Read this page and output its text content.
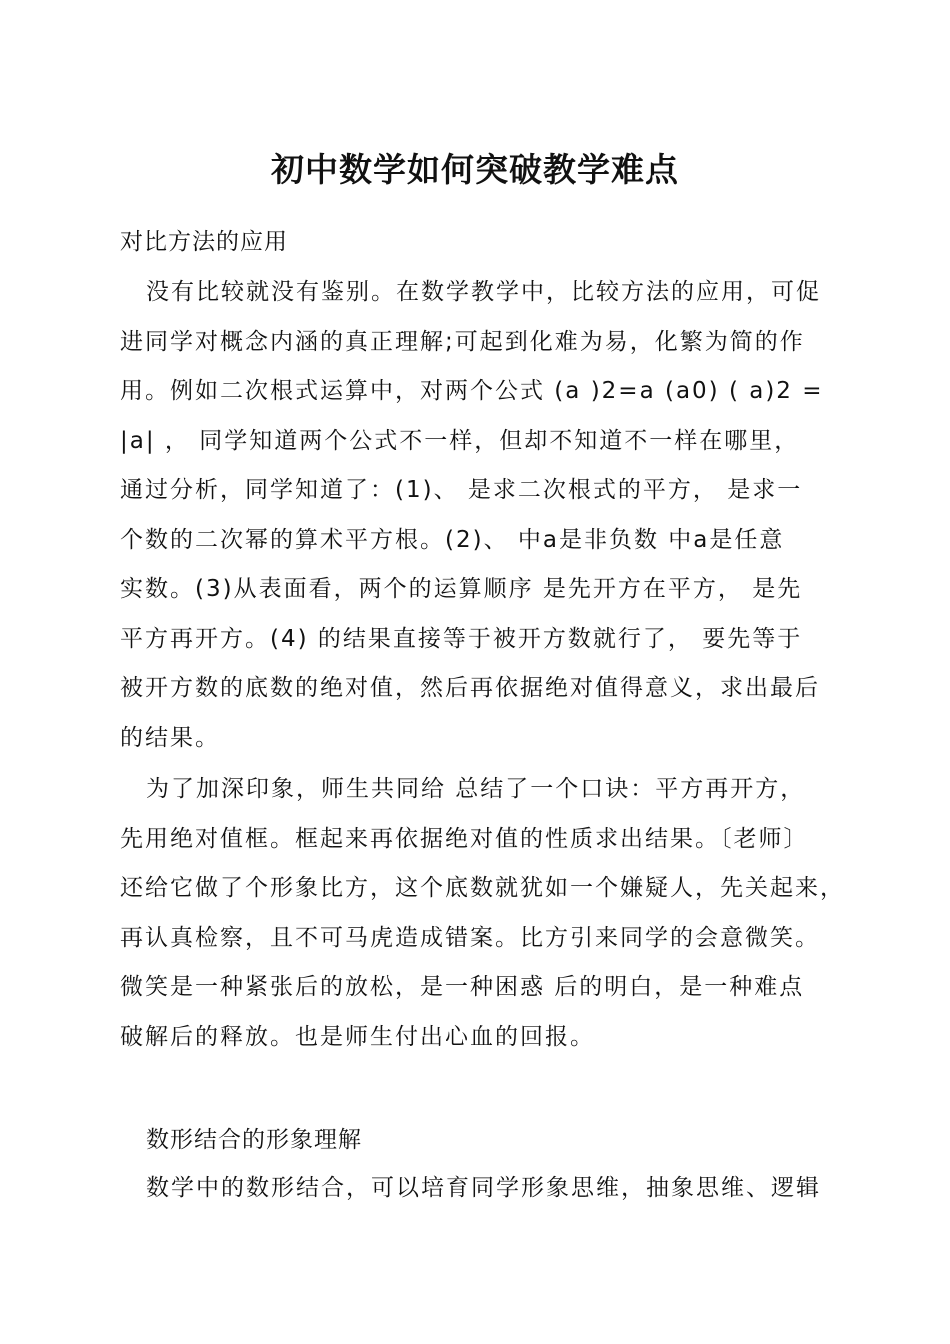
初中数学如何突破教学难点

对比方法的应用

没有比较就没有鉴别。在数学教学中，比较方法的应用，可促
进同学对概念内涵的真正理解;可起到化难为易，化繁为简的作
用。例如二次根式运算中，对两个公式 (a )2=a (a0) ( a)2 =
|a| ， 同学知道两个公式不一样，但却不知道不一样在哪里，
通过分析，同学知道了：(1)、 是求二次根式的平方， 是求一
个数的二次幂的算术平方根。(2)、 中a是非负数 中a是任意
实数。(3)从表面看，两个的运算顺序 是先开方在平方， 是先
平方再开方。(4) 的结果直接等于被开方数就行了， 要先等于
被开方数的底数的绝对值，然后再依据绝对值得意义，求出最后
的结果。
为了加深印象，师生共同给 总结了一个口诀：平方再开方，
先用绝对值框。框起来再依据绝对值的性质求出结果。〔老师〕
还给它做了个形象比方，这个底数就犹如一个嫌疑人，先关起来，
再认真检察，且不可马虎造成错案。比方引来同学的会意微笑。
微笑是一种紧张后的放松，是一种困惑 后的明白，是一种难点
破解后的释放。也是师生付出心血的回报。

数形结合的形象理解

数学中的数形结合，可以培育同学形象思维，抽象思维、逻辑
